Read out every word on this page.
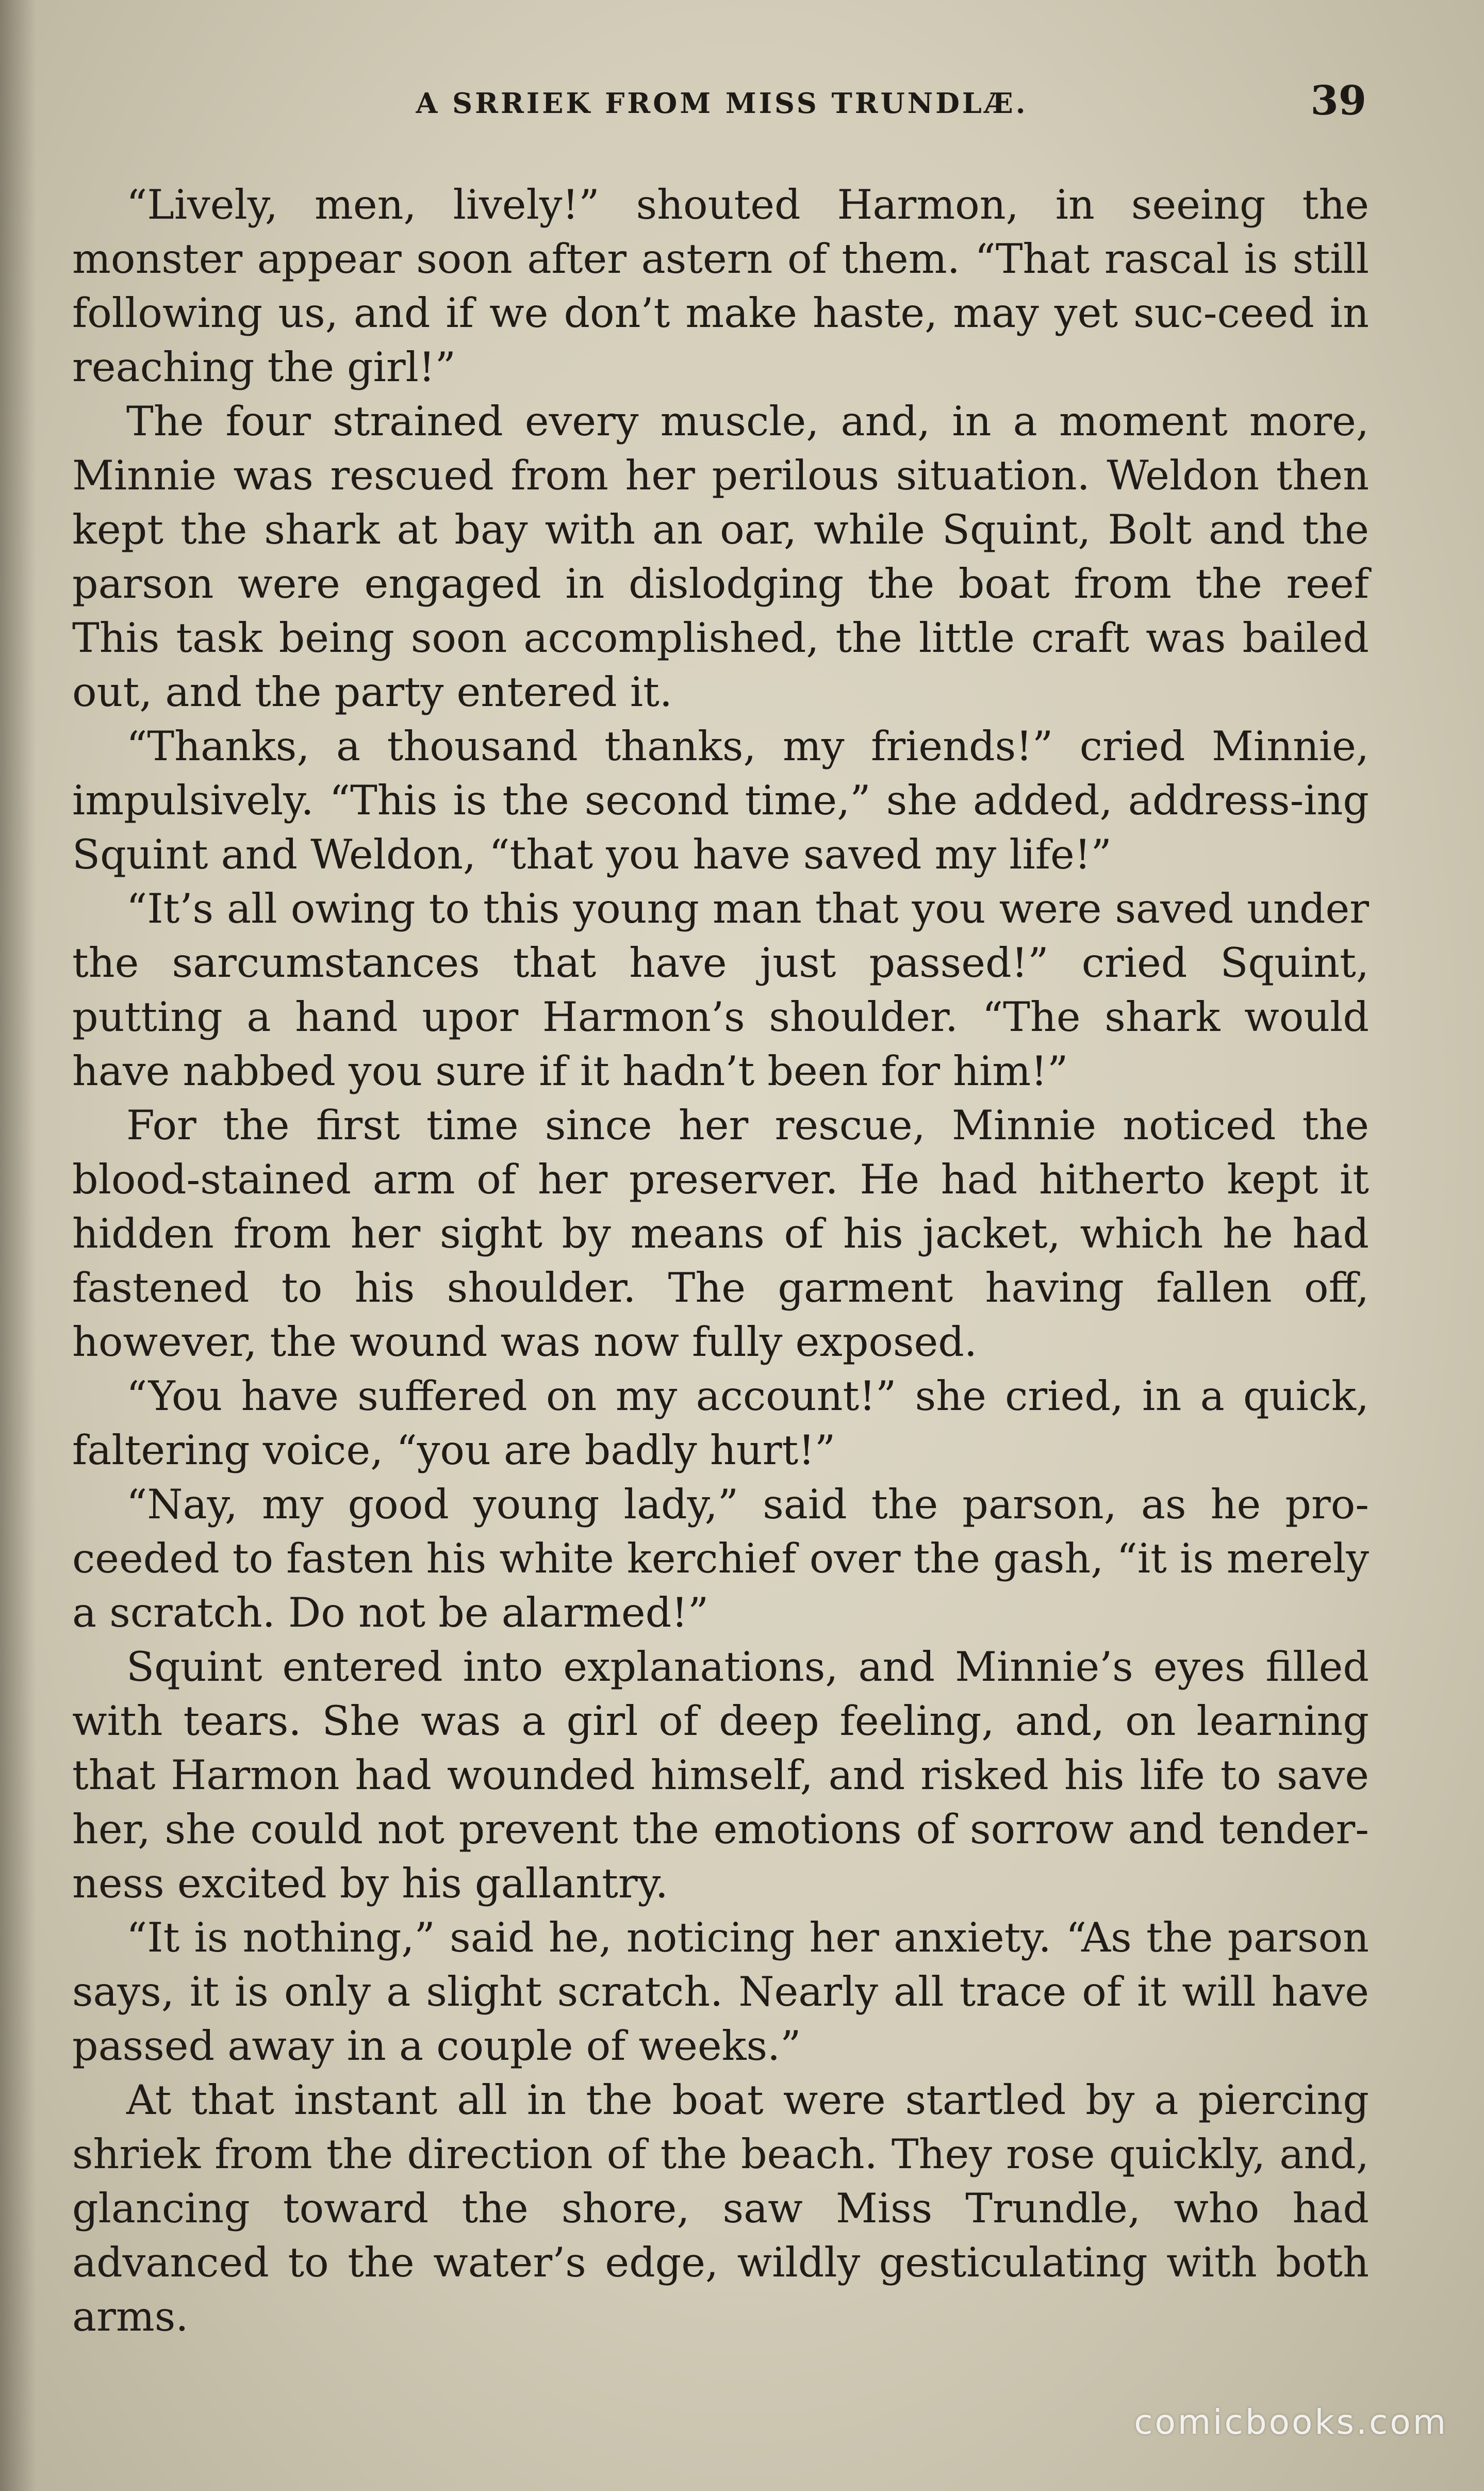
A SRRIEK FROM MISS TRUNDLÆ.	39

“Lively, men, lively!” shouted Harmon, in seeing the monster appear soon after astern of them. “That rascal is still following us, and if we don’t make haste, may yet suc-ceed in reaching the girl!”

The four strained every muscle, and, in a moment more, Minnie was rescued from her perilous situation. Weldon then kept the shark at bay with an oar, while Squint, Bolt and the parson were engaged in dislodging the boat from the reef This task being soon accomplished, the little craft was bailed out, and the party entered it.

“Thanks, a thousand thanks, my friends!” cried Minnie, impulsively. “This is the second time,” she added, address-ing Squint and Weldon, “that you have saved my life!”

“It’s all owing to this young man that you were saved under the sarcumstances that have just passed!” cried Squint, putting a hand upor Harmon’s shoulder. “The shark would have nabbed you sure if it hadn’t been for him!”

For the first time since her rescue, Minnie noticed the blood-stained arm of her preserver. He had hitherto kept it hidden from her sight by means of his jacket, which he had fastened to his shoulder. The garment having fallen off, however, the wound was now fully exposed.

“You have suffered on my account!” she cried, in a quick, faltering voice, “you are badly hurt!”

“Nay, my good young lady,” said the parson, as he pro-ceeded to fasten his white kerchief over the gash, “it is merely a scratch. Do not be alarmed!”

Squint entered into explanations, and Minnie’s eyes filled with tears. She was a girl of deep feeling, and, on learning that Harmon had wounded himself, and risked his life to save her, she could not prevent the emotions of sorrow and tender-ness excited by his gallantry.

“It is nothing,” said he, noticing her anxiety. “As the parson says, it is only a slight scratch. Nearly all trace of it will have passed away in a couple of weeks.”

At that instant all in the boat were startled by a piercing shriek from the direction of the beach. They rose quickly, and, glancing toward the shore, saw Miss Trundle, who had advanced to the water’s edge, wildly gesticulating with both arms.

comicbooks.com
